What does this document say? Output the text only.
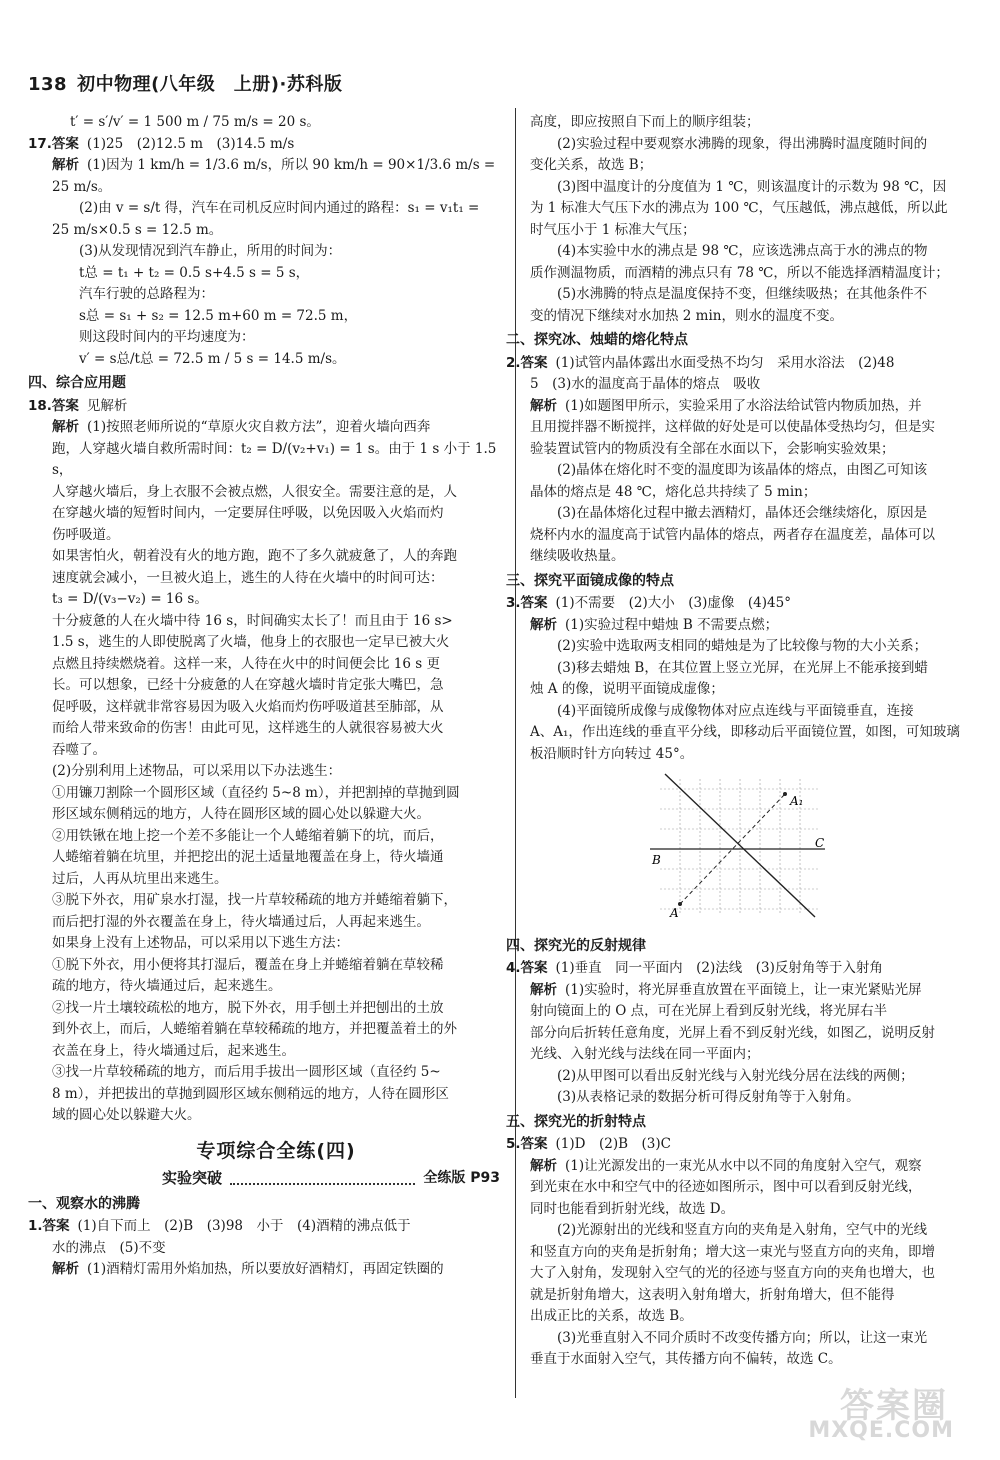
138 初中物理(八年级　上册)·苏科版

t′ = s′/v′ = 1 500 m / 75 m/s = 20 s。

17.答案 (1)25　(2)12.5 m　(3)14.5 m/s

解析 (1)因为 1 km/h = 1/3.6 m/s，所以 90 km/h = 90×1/3.6 m/s =

25 m/s。

(2)由 v = s/t 得，汽车在司机反应时间内通过的路程：s₁ = v₁t₁ =

25 m/s×0.5 s = 12.5 m。

(3)从发现情况到汽车静止，所用的时间为：

t总 = t₁ + t₂ = 0.5 s+4.5 s = 5 s，

汽车行驶的总路程为：

s总 = s₁ + s₂ = 12.5 m+60 m = 72.5 m，

则这段时间内的平均速度为：

v′ = s总/t总 = 72.5 m / 5 s = 14.5 m/s。

四、综合应用题

18.答案 见解析

解析 (1)按照老师所说的“草原火灾自救方法”，迎着火墙向西奔

跑，人穿越火墙自救所需时间：t₂ = D/(v₂+v₁) = 1 s。由于 1 s 小于 1.5 s，

人穿越火墙后，身上衣服不会被点燃，人很安全。需要注意的是，人

在穿越火墙的短暂时间内，一定要屏住呼吸，以免因吸入火焰而灼

伤呼吸道。

如果害怕火，朝着没有火的地方跑，跑不了多久就疲惫了，人的奔跑

速度就会减小，一旦被火追上，逃生的人待在火墙中的时间可达：

t₃ = D/(v₃−v₂) = 16 s。

十分疲惫的人在火墙中待 16 s，时间确实太长了！而且由于 16 s>

1.5 s，逃生的人即使脱离了火墙，他身上的衣服也一定早已被大火

点燃且持续燃烧着。这样一来，人待在火中的时间便会比 16 s 更

长。可以想象，已经十分疲惫的人在穿越火墙时肯定张大嘴巴，急

促呼吸，这样就非常容易因为吸入火焰而灼伤呼吸道甚至肺部，从

而给人带来致命的伤害！由此可见，这样逃生的人就很容易被大火

吞噬了。

(2)分别利用上述物品，可以采用以下办法逃生：

①用镰刀割除一个圆形区域（直径约 5~8 m），并把割掉的草抛到圆

形区域东侧稍远的地方，人待在圆形区域的圆心处以躲避大火。

②用铁锹在地上挖一个差不多能让一个人蜷缩着躺下的坑，而后，

人蜷缩着躺在坑里，并把挖出的泥土适量地覆盖在身上，待火墙通

过后，人再从坑里出来逃生。

③脱下外衣，用矿泉水打湿，找一片草较稀疏的地方并蜷缩着躺下，

而后把打湿的外衣覆盖在身上，待火墙通过后，人再起来逃生。

如果身上没有上述物品，可以采用以下逃生方法：

①脱下外衣，用小便将其打湿后，覆盖在身上并蜷缩着躺在草较稀

疏的地方，待火墙通过后，起来逃生。

②找一片土壤较疏松的地方，脱下外衣，用手刨土并把刨出的土放

到外衣上，而后，人蜷缩着躺在草较稀疏的地方，并把覆盖着土的外

衣盖在身上，待火墙通过后，起来逃生。

③找一片草较稀疏的地方，而后用手拔出一圆形区域（直径约 5~

8 m），并把拔出的草抛到圆形区域东侧稍远的地方，人待在圆形区

域的圆心处以躲避大火。

专项综合全练(四)

实验突破	全练版 P93

一、观察水的沸腾

1.答案 (1)自下而上　(2)B　(3)98　小于　(4)酒精的沸点低于

水的沸点　(5)不变

解析 (1)酒精灯需用外焰加热，所以要放好酒精灯，再固定铁圈的

高度，即应按照自下而上的顺序组装；

(2)实验过程中要观察水沸腾的现象，得出沸腾时温度随时间的

变化关系，故选 B；

(3)图中温度计的分度值为 1 ℃，则该温度计的示数为 98 ℃，因

为 1 标准大气压下水的沸点为 100 ℃，气压越低，沸点越低，所以此

时气压小于 1 标准大气压；

(4)本实验中水的沸点是 98 ℃，应该选沸点高于水的沸点的物

质作测温物质，而酒精的沸点只有 78 ℃，所以不能选择酒精温度计；

(5)水沸腾的特点是温度保持不变，但继续吸热；在其他条件不

变的情况下继续对水加热 2 min，则水的温度不变。

二、探究冰、烛蜡的熔化特点

2.答案 (1)试管内晶体露出水面受热不均匀　采用水浴法　(2)48

5　(3)水的温度高于晶体的熔点　吸收

解析 (1)如题图甲所示，实验采用了水浴法给试管内物质加热，并

且用搅拌器不断搅拌，这样做的好处是可以使晶体受热均匀，但是实

验装置试管内的物质没有全部在水面以下，会影响实验效果；

(2)晶体在熔化时不变的温度即为该晶体的熔点，由图乙可知该

晶体的熔点是 48 ℃，熔化总共持续了 5 min；

(3)在晶体熔化过程中撤去酒精灯，晶体还会继续熔化，原因是

烧杯内水的温度高于试管内晶体的熔点，两者存在温度差，晶体可以

继续吸收热量。

三、探究平面镜成像的特点

3.答案 (1)不需要　(2)大小　(3)虚像　(4)45°

解析 (1)实验过程中蜡烛 B 不需要点燃；

(2)实验中选取两支相同的蜡烛是为了比较像与物的大小关系；

(3)移去蜡烛 B，在其位置上竖立光屏，在光屏上不能承接到蜡

烛 A 的像，说明平面镜成虚像；

(4)平面镜所成像与成像物体对应点连线与平面镜垂直，连接

A、A₁，作出连线的垂直平分线，即移动后平面镜位置，如图，可知玻璃

板沿顺时针方向转过 45°。

A₁
B
C
A

四、探究光的反射规律

4.答案 (1)垂直　同一平面内　(2)法线　(3)反射角等于入射角

解析 (1)实验时，将光屏垂直放置在平面镜上，让一束光紧贴光屏

射向镜面上的 O 点，可在光屏上看到反射光线，将光屏右半

部分向后折转任意角度，光屏上看不到反射光线，如图乙，说明反射

光线、入射光线与法线在同一平面内；

(2)从甲图可以看出反射光线与入射光线分居在法线的两侧；

(3)从表格记录的数据分析可得反射角等于入射角。

五、探究光的折射特点

5.答案 (1)D　(2)B　(3)C

解析 (1)让光源发出的一束光从水中以不同的角度射入空气，观察

到光束在水中和空气中的径迹如图所示，图中可以看到反射光线，

同时也能看到折射光线，故选 D。

(2)光源射出的光线和竖直方向的夹角是入射角，空气中的光线

和竖直方向的夹角是折射角；增大这一束光与竖直方向的夹角，即增

大了入射角，发现射入空气的光的径迹与竖直方向的夹角也增大，也

就是折射角增大，这表明入射角增大，折射角增大，但不能得

出成正比的关系，故选 B。

(3)光垂直射入不同介质时不改变传播方向；所以，让这一束光

垂直于水面射入空气，其传播方向不偏转，故选 C。

答案圈
MXQE.COM
